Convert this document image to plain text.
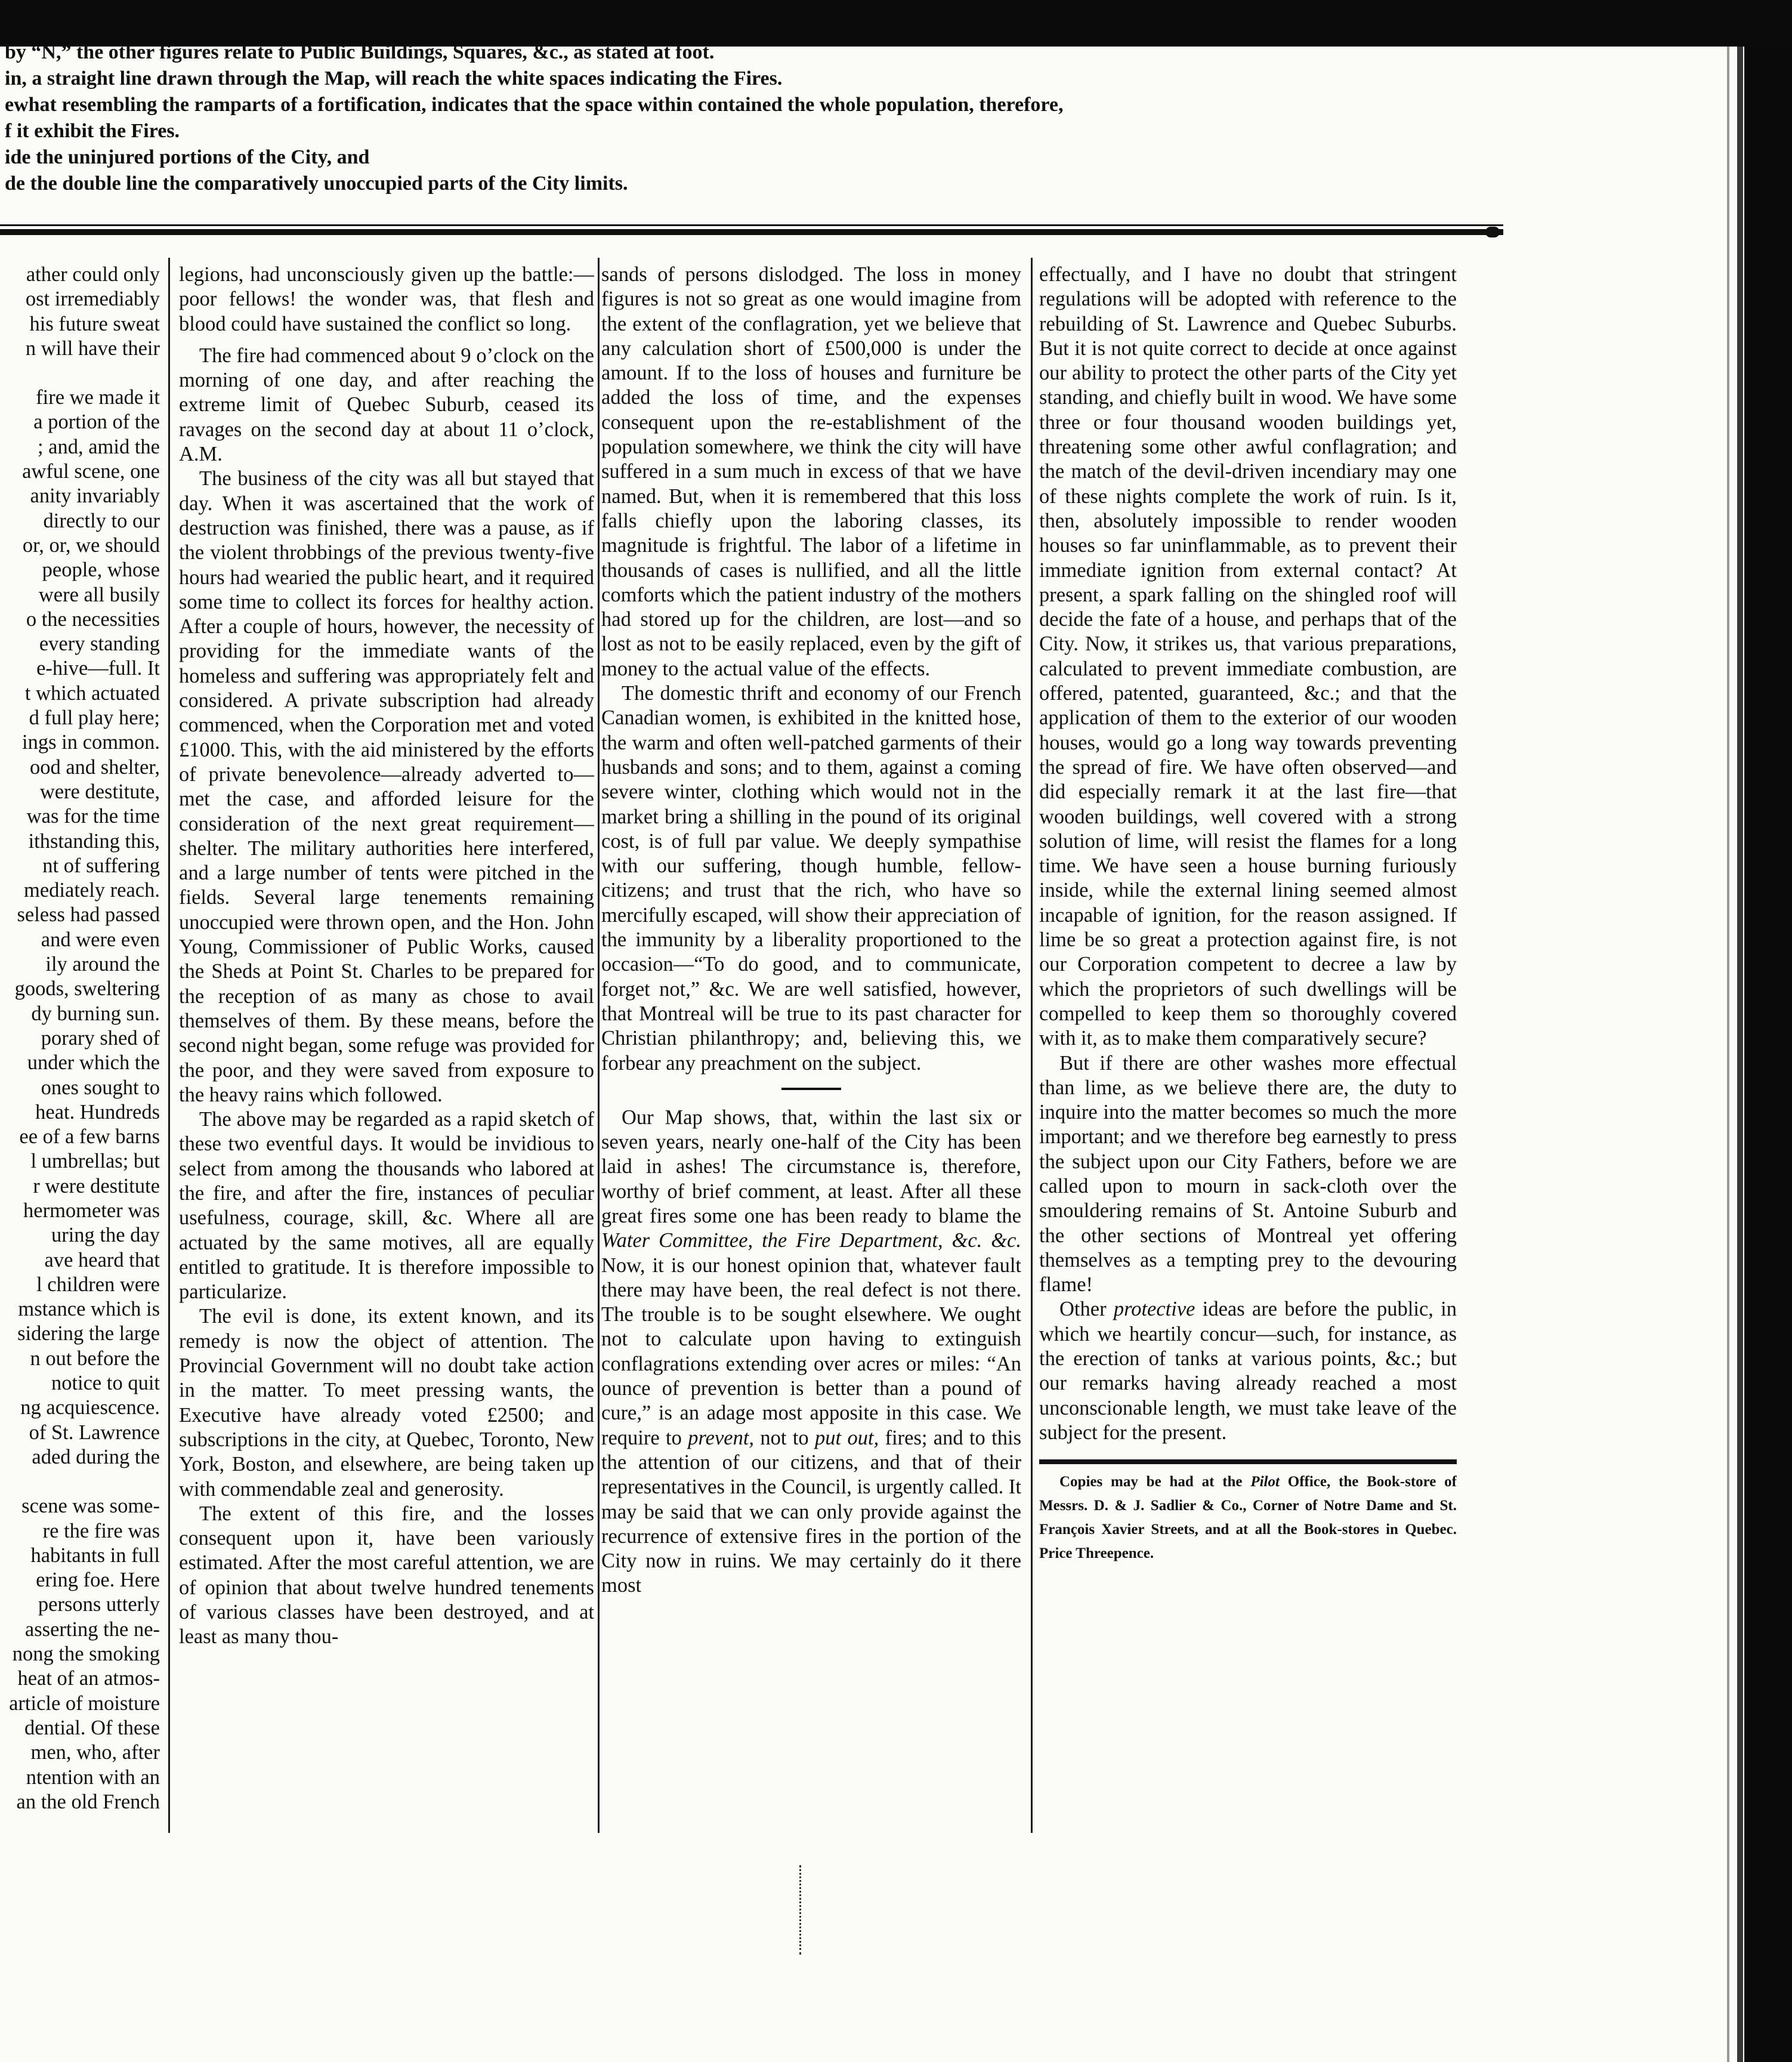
by “N,” the other figures relate to Public Buildings, Squares, &c., as stated at foot.
in, a straight line drawn through the Map, will reach the white spaces indicating the Fires.
ewhat resembling the ramparts of a fortification, indicates that the space within contained the whole population, therefore,
f it exhibit the Fires.
ide the uninjured portions of the City, and
de the double line the comparatively unoccupied parts of the City limits.

ather could only
ost irremediably
his future sweat
n will have their

fire we made it
a portion of the
; and, amid the
awful scene, one
anity invariably
directly to our
or, or, we should
people, whose
were all busily
o the necessities
every standing
e-hive—full. It
t which actuated
d full play here;
ings in common.
ood and shelter,
were destitute,
was for the time
ithstanding this,
nt of suffering
mediately reach.
seless had passed
and were even
ily around the
goods, sweltering
dy burning sun.
porary shed of
under which the
ones sought to
heat. Hundreds
ee of a few barns
l umbrellas; but
r were destitute
hermometer was
uring the day
ave heard that
l children were
mstance which is
sidering the large
n out before the
notice to quit
ng acquiescence.
of St. Lawrence
aded during the

scene was some-
re the fire was
habitants in full
ering foe. Here
persons utterly
asserting the ne-
nong the smoking
heat of an atmos-
article of moisture
dential. Of these
men, who, after
ntention with an
an the old French

legions, had unconsciously given up the battle:—poor fellows! the wonder was, that flesh and blood could have sustained the conflict so long.

The fire had commenced about 9 o’clock on the morning of one day, and after reaching the extreme limit of Quebec Suburb, ceased its ravages on the second day at about 11 o’clock, A.M.

The business of the city was all but stayed that day. When it was ascertained that the work of destruction was finished, there was a pause, as if the violent throbbings of the previous twenty-five hours had wearied the public heart, and it required some time to collect its forces for healthy action. After a couple of hours, however, the necessity of providing for the immediate wants of the homeless and suffering was appropriately felt and considered. A private subscription had already commenced, when the Corporation met and voted £1000. This, with the aid ministered by the efforts of private benevolence—already adverted to—met the case, and afforded leisure for the consideration of the next great requirement—shelter. The military authorities here interfered, and a large number of tents were pitched in the fields. Several large tenements remaining unoccupied were thrown open, and the Hon. John Young, Commissioner of Public Works, caused the Sheds at Point St. Charles to be prepared for the reception of as many as chose to avail themselves of them. By these means, before the second night began, some refuge was provided for the poor, and they were saved from exposure to the heavy rains which followed.

The above may be regarded as a rapid sketch of these two eventful days. It would be invidious to select from among the thousands who labored at the fire, and after the fire, instances of peculiar usefulness, courage, skill, &c. Where all are actuated by the same motives, all are equally entitled to gratitude. It is therefore impossible to particularize.

The evil is done, its extent known, and its remedy is now the object of attention. The Provincial Government will no doubt take action in the matter. To meet pressing wants, the Executive have already voted £2500; and subscriptions in the city, at Quebec, Toronto, New York, Boston, and elsewhere, are being taken up with commendable zeal and generosity.

The extent of this fire, and the losses consequent upon it, have been variously estimated. After the most careful attention, we are of opinion that about twelve hundred tenements of various classes have been destroyed, and at least as many thou-

sands of persons dislodged. The loss in money figures is not so great as one would imagine from the extent of the conflagration, yet we believe that any calculation short of £500,000 is under the amount. If to the loss of houses and furniture be added the loss of time, and the expenses consequent upon the re-establishment of the population somewhere, we think the city will have suffered in a sum much in excess of that we have named. But, when it is remembered that this loss falls chiefly upon the laboring classes, its magnitude is frightful. The labor of a lifetime in thousands of cases is nullified, and all the little comforts which the patient industry of the mothers had stored up for the children, are lost—and so lost as not to be easily replaced, even by the gift of money to the actual value of the effects.

The domestic thrift and economy of our French Canadian women, is exhibited in the knitted hose, the warm and often well-patched garments of their husbands and sons; and to them, against a coming severe winter, clothing which would not in the market bring a shilling in the pound of its original cost, is of full par value. We deeply sympathise with our suffering, though humble, fellow-citizens; and trust that the rich, who have so mercifully escaped, will show their appreciation of the immunity by a liberality proportioned to the occasion—“To do good, and to communicate, forget not,” &c. We are well satisfied, however, that Montreal will be true to its past character for Christian philanthropy; and, believing this, we forbear any preachment on the subject.

Our Map shows, that, within the last six or seven years, nearly one-half of the City has been laid in ashes! The circumstance is, therefore, worthy of brief comment, at least. After all these great fires some one has been ready to blame the Water Committee, the Fire Department, &c. &c. Now, it is our honest opinion that, whatever fault there may have been, the real defect is not there. The trouble is to be sought elsewhere. We ought not to calculate upon having to extinguish conflagrations extending over acres or miles: “An ounce of prevention is better than a pound of cure,” is an adage most apposite in this case. We require to prevent, not to put out, fires; and to this the attention of our citizens, and that of their representatives in the Council, is urgently called. It may be said that we can only provide against the recurrence of extensive fires in the portion of the City now in ruins. We may certainly do it there most

effectually, and I have no doubt that stringent regulations will be adopted with reference to the rebuilding of St. Lawrence and Quebec Suburbs. But it is not quite correct to decide at once against our ability to protect the other parts of the City yet standing, and chiefly built in wood. We have some three or four thousand wooden buildings yet, threatening some other awful conflagration; and the match of the devil-driven incendiary may one of these nights complete the work of ruin. Is it, then, absolutely impossible to render wooden houses so far uninflammable, as to prevent their immediate ignition from external contact? At present, a spark falling on the shingled roof will decide the fate of a house, and perhaps that of the City. Now, it strikes us, that various preparations, calculated to prevent immediate combustion, are offered, patented, guaranteed, &c.; and that the application of them to the exterior of our wooden houses, would go a long way towards preventing the spread of fire. We have often observed—and did especially remark it at the last fire—that wooden buildings, well covered with a strong solution of lime, will resist the flames for a long time. We have seen a house burning furiously inside, while the external lining seemed almost incapable of ignition, for the reason assigned. If lime be so great a protection against fire, is not our Corporation competent to decree a law by which the proprietors of such dwellings will be compelled to keep them so thoroughly covered with it, as to make them comparatively secure?

But if there are other washes more effectual than lime, as we believe there are, the duty to inquire into the matter becomes so much the more important; and we therefore beg earnestly to press the subject upon our City Fathers, before we are called upon to mourn in sack-cloth over the smouldering remains of St. Antoine Suburb and the other sections of Montreal yet offering themselves as a tempting prey to the devouring flame!

Other protective ideas are before the public, in which we heartily concur—such, for instance, as the erection of tanks at various points, &c.; but our remarks having already reached a most unconscionable length, we must take leave of the subject for the present.

Copies may be had at the Pilot Office, the Book-store of Messrs. D. & J. Sadlier & Co., Corner of Notre Dame and St. François Xavier Streets, and at all the Book-stores in Quebec. Price Threepence.
